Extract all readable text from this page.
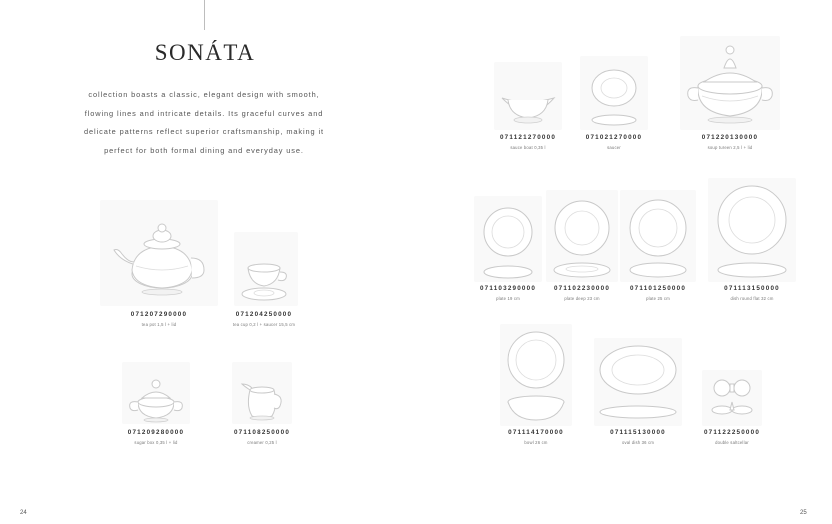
SONÁTA

collection boasts a classic, elegant design with smooth,
flowing lines and intricate details. Its graceful curves and
delicate patterns reflect superior craftsmanship, making it
perfect for both formal dining and everyday use.

071207290000
tea pot 1,5 l + lid
071204250000
tea cup 0,2 l + saucer 15,5 cm
071209280000
sugar box 0,35 l + lid
071108250000
creamer 0,25 l
24
071121270000
sauce boat 0,35 l
071021270000
saucer
071220130000
soup tureen 2,5 l + lid
071103290000
plate 19 cm
071102230000
plate deep 23 cm
071101250000
plate 25 cm
071113150000
dish round flat 32 cm
071114170000
bowl 26 cm
071115130000
oval dish 36 cm
071122250000
double saltcellar
25
